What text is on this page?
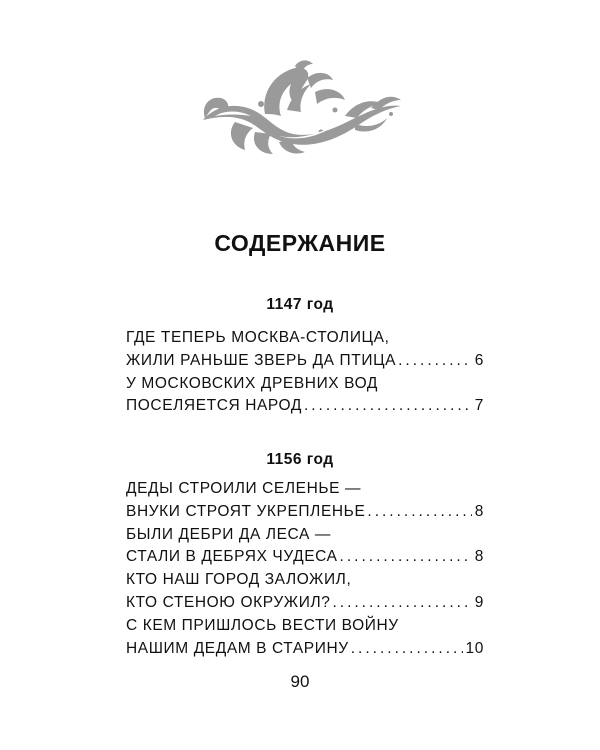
СОДЕРЖАНИЕ
1147 год
ГДЕ ТЕПЕРЬ МОСКВА-СТОЛИЦА,
ЖИЛИ РАНЬШЕ ЗВЕРЬ ДА ПТИЦА .....	6
У МОСКОВСКИХ ДРЕВНИХ ВОД
ПОСЕЛЯЕТСЯ НАРОД .....	7
1156 год
ДЕДЫ СТРОИЛИ СЕЛЕНЬЕ —
ВНУКИ СТРОЯТ УКРЕПЛЕНЬЕ .....	8
БЫЛИ ДЕБРИ ДА ЛЕСА —
СТАЛИ В ДЕБРЯХ ЧУДЕСА .....	8
КТО НАШ ГОРОД ЗАЛОЖИЛ,
КТО СТЕНОЮ ОКРУЖИЛ? .....	9
С КЕМ ПРИШЛОСЬ ВЕСТИ ВОЙНУ
НАШИМ ДЕДАМ В СТАРИНУ .....	10
90
